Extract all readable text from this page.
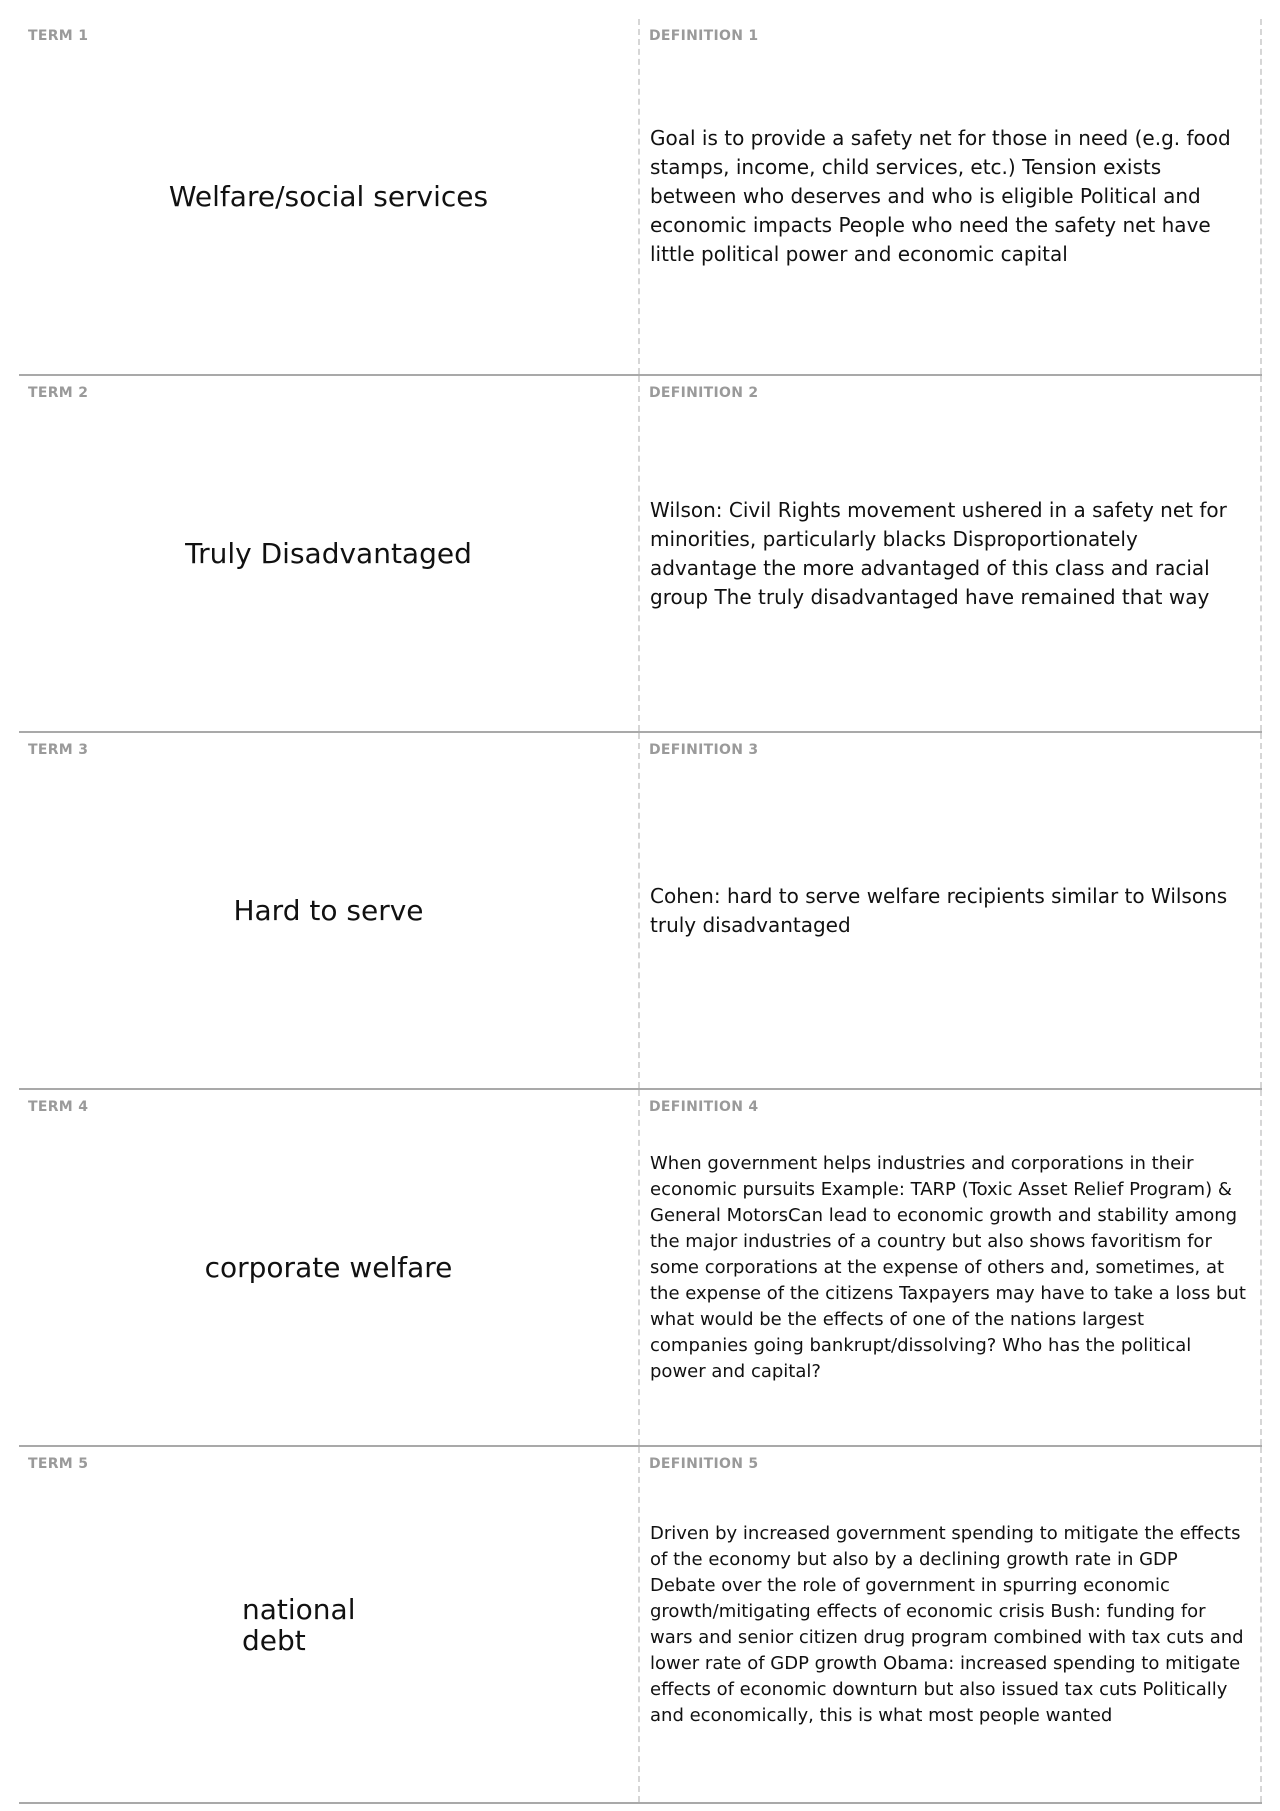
TERM 1
Welfare/social services
DEFINITION 1

Goal is to provide a safety net for those in need (e.g. food stamps, income, child services, etc.) Tension exists between who deserves and who is eligible Political and economic impacts People who need the safety net have little political power and economic capital

TERM 2
Truly Disadvantaged
DEFINITION 2

Wilson: Civil Rights movement ushered in a safety net for minorities, particularly blacks Disproportionately advantage the more advantaged of this class and racial group The truly disadvantaged have remained that way

TERM 3
Hard to serve
DEFINITION 3

Cohen: hard to serve welfare recipients similar to Wilsons truly disadvantaged

TERM 4
corporate welfare
DEFINITION 4

When government helps industries and corporations in their economic pursuits Example: TARP (Toxic Asset Relief Program) & General MotorsCan lead to economic growth and stability among the major industries of a country but also shows favoritism for some corporations at the expense of others and, sometimes, at the expense of the citizens Taxpayers may have to take a loss but what would be the effects of one of the nations largest companies going bankrupt/dissolving? Who has the political power and capital?

TERM 5
national debt
DEFINITION 5

Driven by increased government spending to mitigate the effects of the economy but also by a declining growth rate in GDP Debate over the role of government in spurring economic growth/mitigating effects of economic crisis Bush: funding for wars and senior citizen drug program combined with tax cuts and lower rate of GDP growth Obama: increased spending to mitigate effects of economic downturn but also issued tax cuts Politically and economically, this is what most people wanted
